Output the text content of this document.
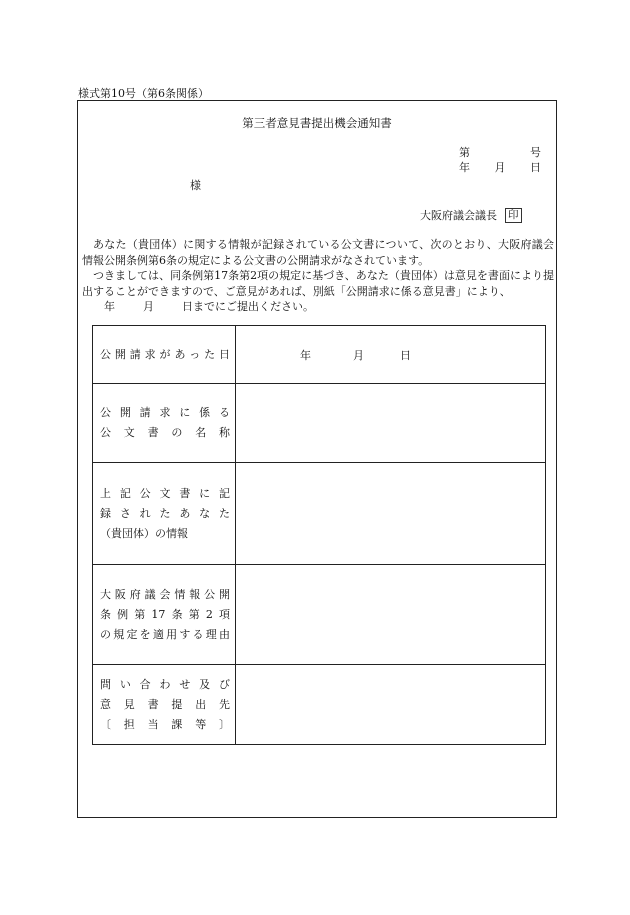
様式第10号（第6条関係）
第三者意見書提出機会通知書
第	号
年 月 日
様
大阪府議会議長 印

あなた（貴団体）に関する情報が記録されている公文書について、次のとおり、大阪府議会情報公開条例第6条の規定による公文書の公開請求がなされています。

つきましては、同条例第17条第2項の規定に基づき、あなた（貴団体）は意見を書面により提出することができますので、ご意見があれば、別紙「公開請求に係る意見書」により、

年	月	日までにご提出ください。
公開請求があった日	年 月 日

公開請求に係る
公文書の名称	

上記公文書に記
録されたあなた
（貴団体）の情報	

大阪府議会情報公開
条例第17条第2項
の規定を適用する理由	

問い合わせ及び
意見書提出先
〔担当課等〕	
